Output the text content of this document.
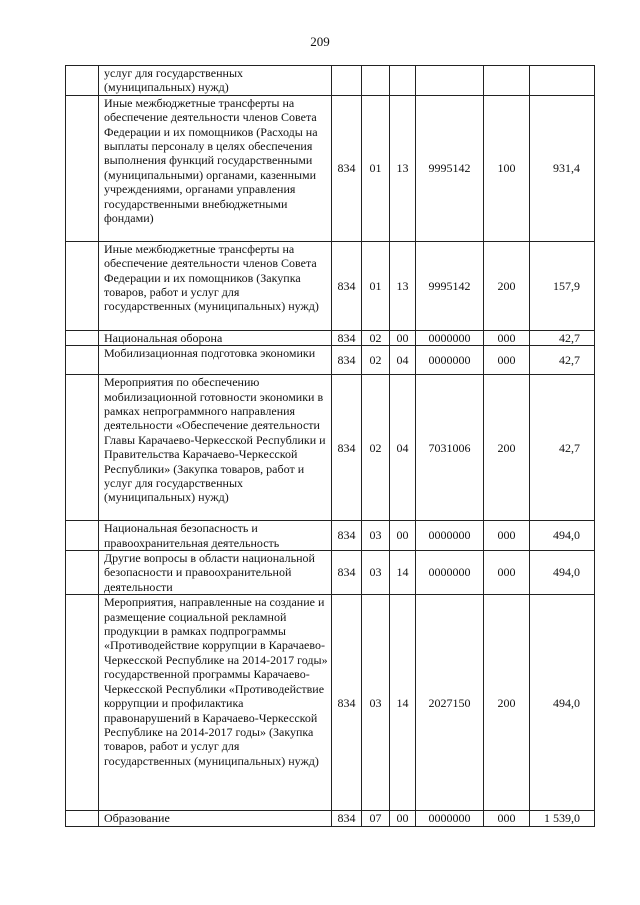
209
	услуг для государственных (муниципальных) нужд)						
	Иные межбюджетные трансферты на обеспечение деятельности членов Совета Федерации и их помощников (Расходы на выплаты персоналу в целях обеспечения выполнения функций государственными (муниципальными) органами, казенными учреждениями, органами управления государственными внебюджетными фондами)	834	01	13	9995142	100	931,4
	Иные межбюджетные трансферты на обеспечение деятельности членов Совета Федерации и их помощников (Закупка товаров, работ и услуг для государственных (муниципальных) нужд)	834	01	13	9995142	200	157,9
	Национальная оборона	834	02	00	0000000	000	42,7
	Мобилизационная подготовка экономики	834	02	04	0000000	000	42,7
	Мероприятия по обеспечению мобилизационной готовности экономики в рамках непрограммного направления деятельности «Обеспечение деятельности Главы Карачаево-Черкесской Республики и Правительства Карачаево-Черкесской Республики» (Закупка товаров, работ и услуг для государственных (муниципальных) нужд)	834	02	04	7031006	200	42,7
	Национальная безопасность и правоохранительная деятельность	834	03	00	0000000	000	494,0
	Другие вопросы в области национальной безопасности и правоохранительной деятельности	834	03	14	0000000	000	494,0
	Мероприятия, направленные на создание и размещение социальной рекламной продукции в рамках подпрограммы «Противодействие коррупции в Карачаево-Черкесской Республике на 2014-2017 годы» государственной программы Карачаево-Черкесской Республики «Противодействие коррупции и профилактика правонарушений в Карачаево-Черкесской Республике на 2014-2017 годы» (Закупка товаров, работ и услуг для государственных (муниципальных) нужд)	834	03	14	2027150	200	494,0
	Образование	834	07	00	0000000	000	1 539,0
